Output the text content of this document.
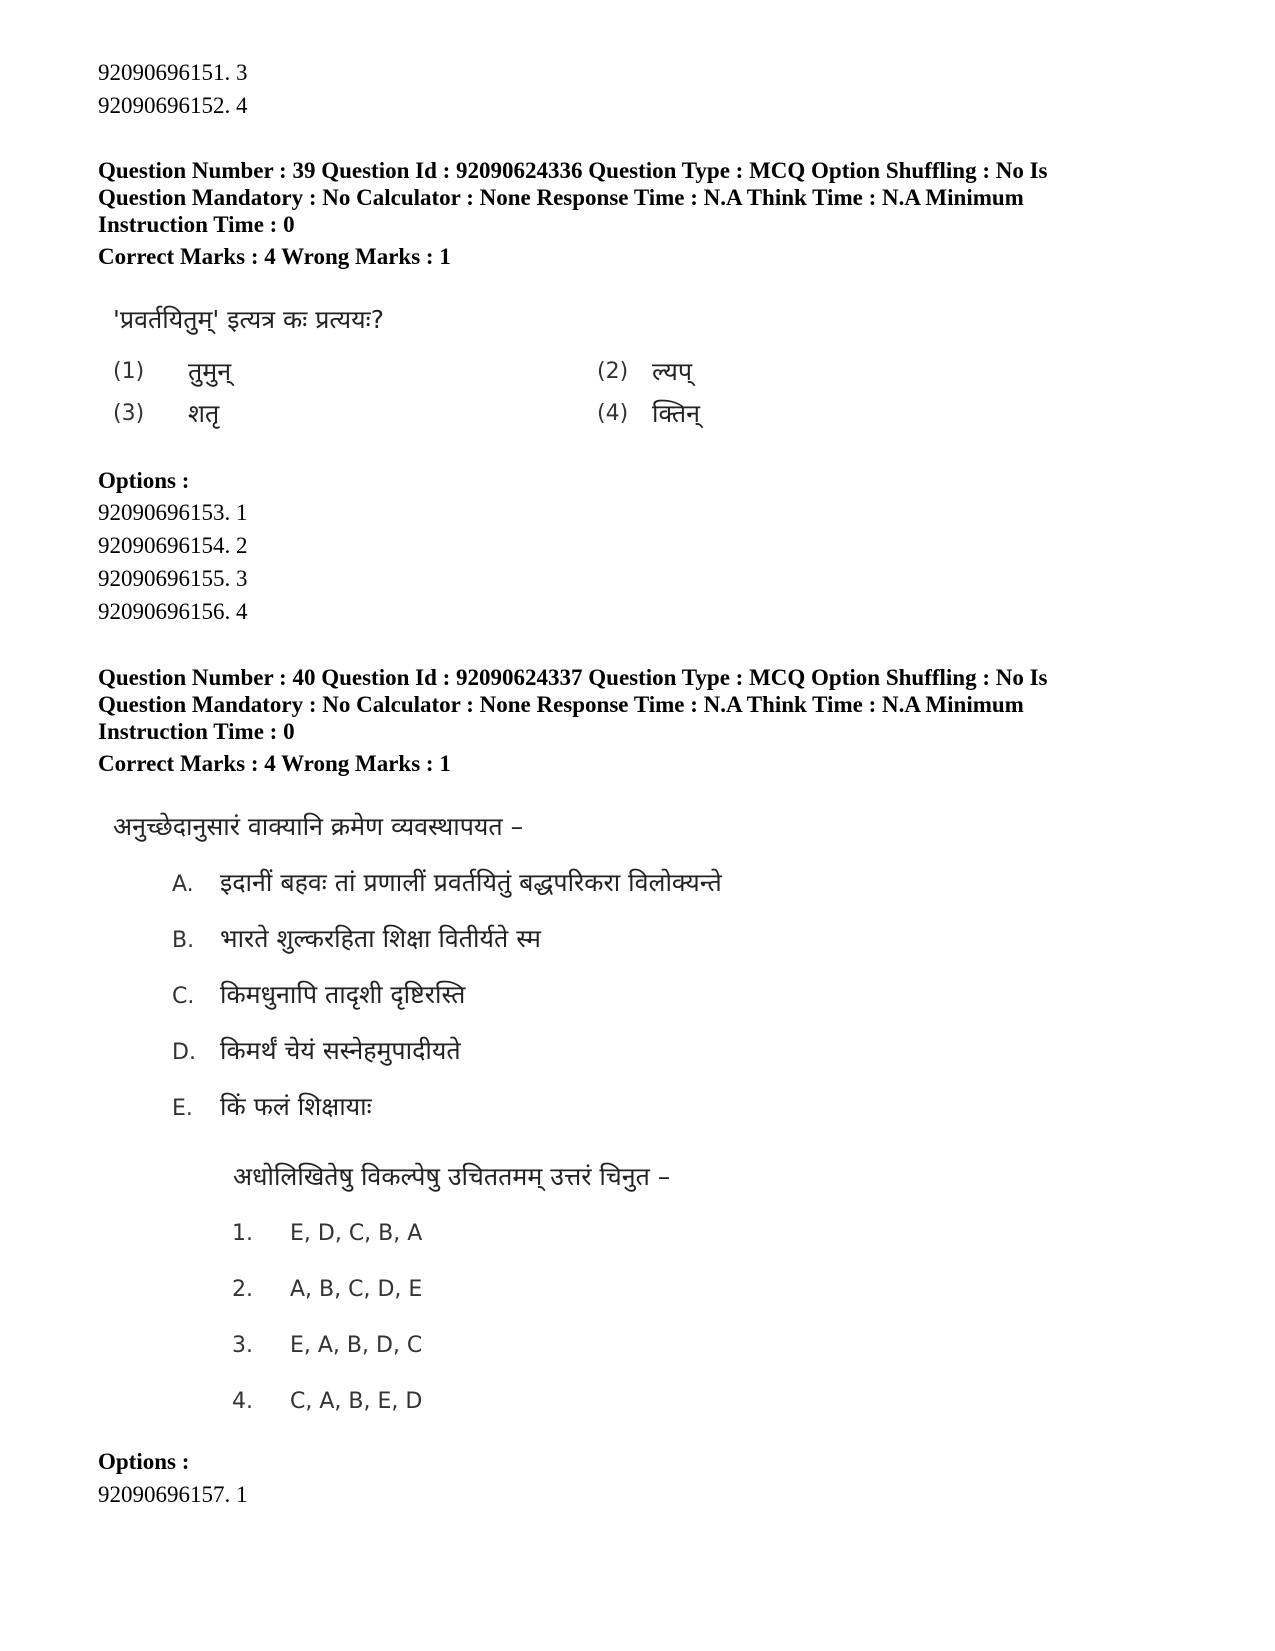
92090696151. 3
92090696152. 4
Question Number : 39 Question Id : 92090624336 Question Type : MCQ Option Shuffling : No Is
Question Mandatory : No Calculator : None Response Time : N.A Think Time : N.A Minimum
Instruction Time : 0
Correct Marks : 4 Wrong Marks : 1
'प्रवर्तयितुम्' इत्यत्र कः प्रत्ययः?
(1) तुमुन्	(2) ल्यप्
(3) शतृ	(4) क्तिन्
Options :
92090696153. 1
92090696154. 2
92090696155. 3
92090696156. 4
Question Number : 40 Question Id : 92090624337 Question Type : MCQ Option Shuffling : No Is
Question Mandatory : No Calculator : None Response Time : N.A Think Time : N.A Minimum
Instruction Time : 0
Correct Marks : 4 Wrong Marks : 1
अनुच्छेदानुसारं वाक्यानि क्रमेण व्यवस्थापयत –
A. इदानीं बहवः तां प्रणालीं प्रवर्तयितुं बद्धपरिकरा विलोक्यन्ते
B. भारते शुल्करहिता शिक्षा वितीर्यते स्म
C. किमधुनापि तादृशी दृष्टिरस्ति
D. किमर्थं चेयं सस्नेहमुपादीयते
E. किं फलं शिक्षायाः
अधोलिखितेषु विकल्पेषु उचिततमम् उत्तरं चिनुत –
1. E, D, C, B, A
2. A, B, C, D, E
3. E, A, B, D, C
4. C, A, B, E, D
Options :
92090696157. 1
